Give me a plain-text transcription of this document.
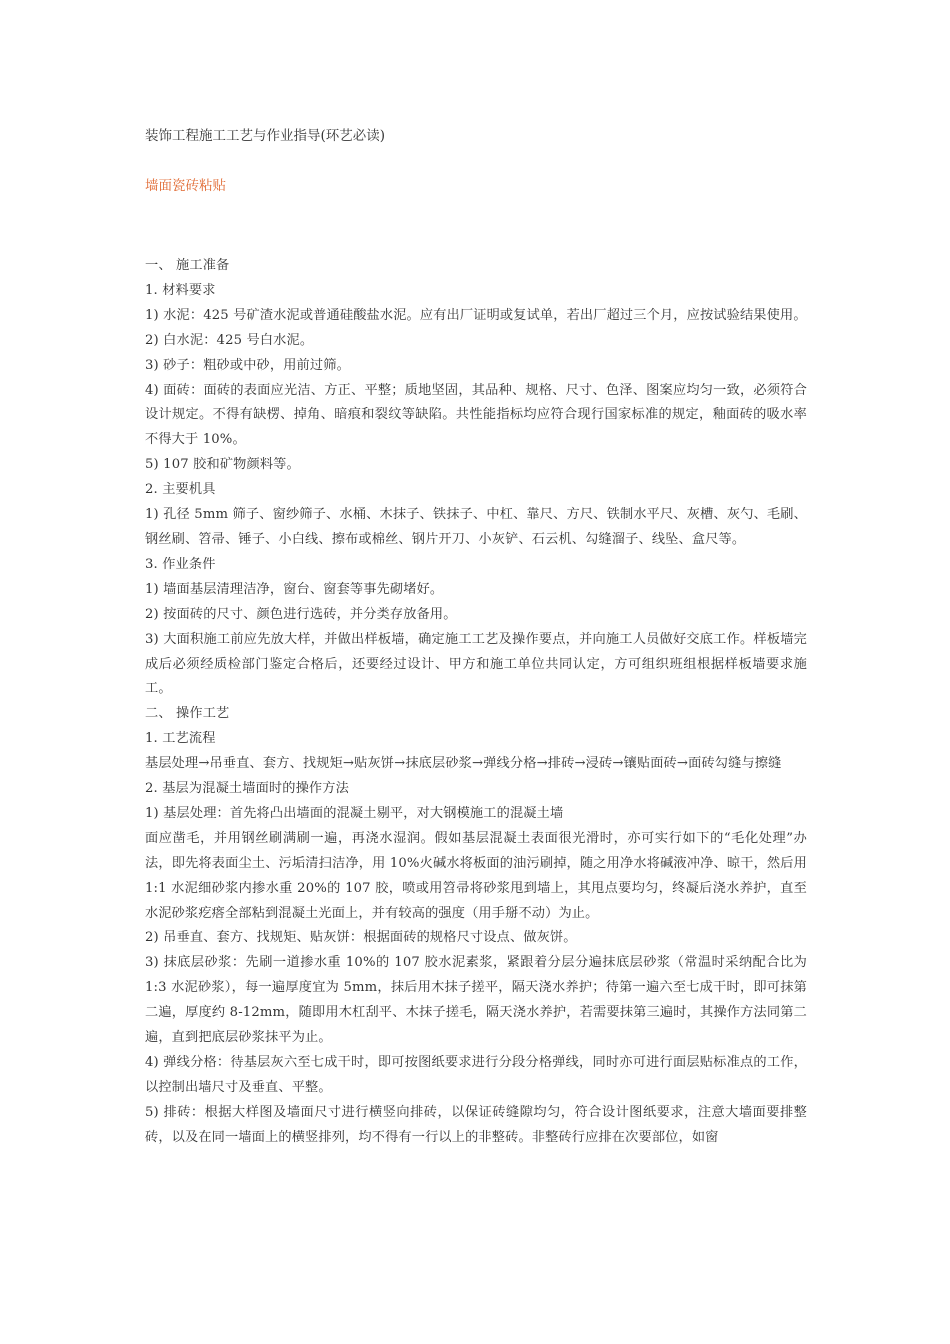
装饰工程施工工艺与作业指导(环艺必读)
墙面瓷砖粘贴

一、 施工准备

1. 材料要求

1) 水泥：425 号矿渣水泥或普通硅酸盐水泥。应有出厂证明或复试单，若出厂超过三个月，应按试验结果使用。

2) 白水泥：425 号白水泥。

3) 砂子：粗砂或中砂，用前过筛。

4) 面砖：面砖的表面应光洁、方正、平整；质地坚固，其品种、规格、尺寸、色泽、图案应均匀一致，必须符合设计规定。不得有缺楞、掉角、暗痕和裂纹等缺陷。共性能指标均应符合现行国家标准的规定，釉面砖的吸水率不得大于 10%。

5) 107 胶和矿物颜料等。

2. 主要机具

1) 孔径 5mm 筛子、窗纱筛子、水桶、木抹子、铁抹子、中杠、靠尺、方尺、铁制水平尺、灰槽、灰勺、毛刷、钢丝刷、笤帚、锤子、小白线、擦布或棉丝、钢片开刀、小灰铲、石云机、勾缝溜子、线坠、盒尺等。

3. 作业条件

1) 墙面基层清理洁净，窗台、窗套等事先砌堵好。

2) 按面砖的尺寸、颜色进行选砖，并分类存放备用。

3) 大面积施工前应先放大样，并做出样板墙，确定施工工艺及操作要点，并向施工人员做好交底工作。样板墙完成后必须经质检部门鉴定合格后，还要经过设计、甲方和施工单位共同认定，方可组织班组根据样板墙要求施工。

二、 操作工艺

1. 工艺流程

基层处理→吊垂直、套方、找规矩→贴灰饼→抹底层砂浆→弹线分格→排砖→浸砖→镶贴面砖→面砖勾缝与擦缝

2. 基层为混凝土墙面时的操作方法

1) 基层处理：首先将凸出墙面的混凝土剔平，对大钢模施工的混凝土墙

面应凿毛，并用钢丝刷满刷一遍，再浇水湿润。假如基层混凝土表面很光滑时，亦可实行如下的“毛化处理”办法，即先将表面尘土、污垢清扫洁净，用 10%火碱水将板面的油污刷掉，随之用净水将碱液冲净、晾干，然后用 1:1 水泥细砂浆内掺水重 20%的 107 胶，喷或用笤帚将砂浆甩到墙上，其甩点要均匀，终凝后浇水养护，直至水泥砂浆疙瘩全部粘到混凝土光面上，并有较高的强度（用手掰不动）为止。

2) 吊垂直、套方、找规矩、贴灰饼：根据面砖的规格尺寸设点、做灰饼。

3) 抹底层砂浆：先刷一道掺水重 10%的 107 胶水泥素浆，紧跟着分层分遍抹底层砂浆（常温时采纳配合比为 1:3 水泥砂浆），每一遍厚度宜为 5mm，抹后用木抹子搓平，隔天浇水养护；待第一遍六至七成干时，即可抹第二遍，厚度约 8-12mm，随即用木杠刮平、木抹子搓毛，隔天浇水养护，若需要抹第三遍时，其操作方法同第二遍，直到把底层砂浆抹平为止。

4) 弹线分格：待基层灰六至七成干时，即可按图纸要求进行分段分格弹线，同时亦可进行面层贴标准点的工作，以控制出墙尺寸及垂直、平整。

5) 排砖：根据大样图及墙面尺寸进行横竖向排砖，以保证砖缝隙均匀，符合设计图纸要求，注意大墙面要排整砖，以及在同一墙面上的横竖排列，均不得有一行以上的非整砖。非整砖行应排在次要部位，如窗
